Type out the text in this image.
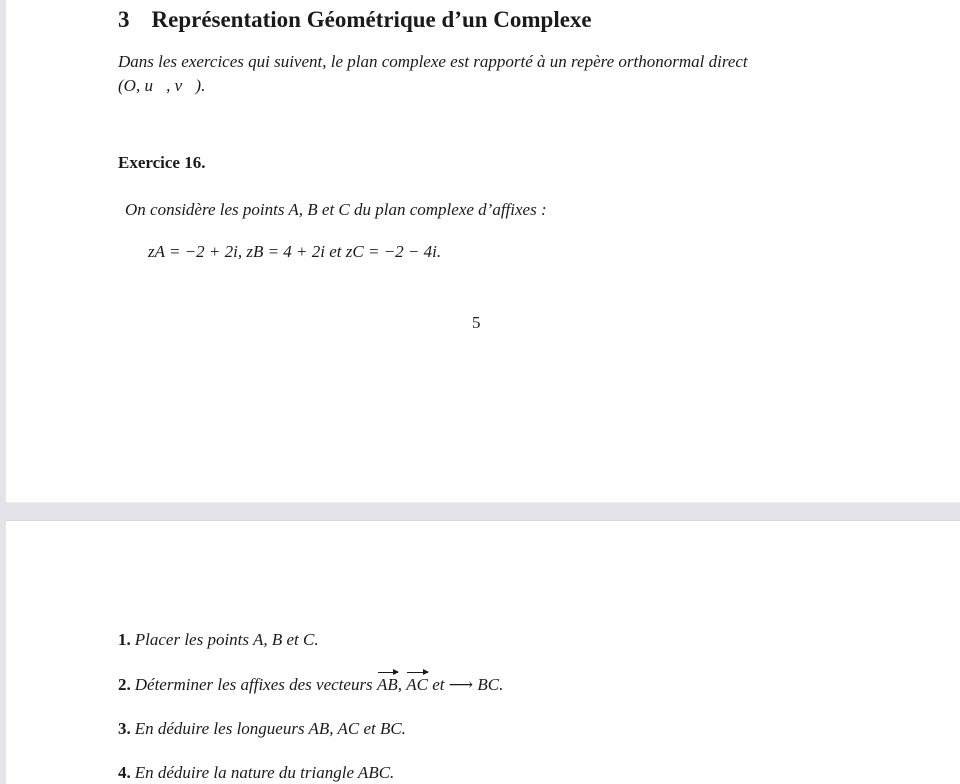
3 Représentation Géométrique d’un Complexe
Dans les exercices qui suivent, le plan complexe est rapporté à un repère orthonormal direct
(O, u⃗, v⃗).
Exercice 16.
On considère les points A, B et C du plan complexe d’affixes :
zA = −2 + 2i, zB = 4 + 2i et zC = −2 − 4i.
5
1. Placer les points A, B et C.
2. Déterminer les affixes des vecteurs AB, AC et ⟶ BC.
3. En déduire les longueurs AB, AC et BC.
4. En déduire la nature du triangle ABC.
